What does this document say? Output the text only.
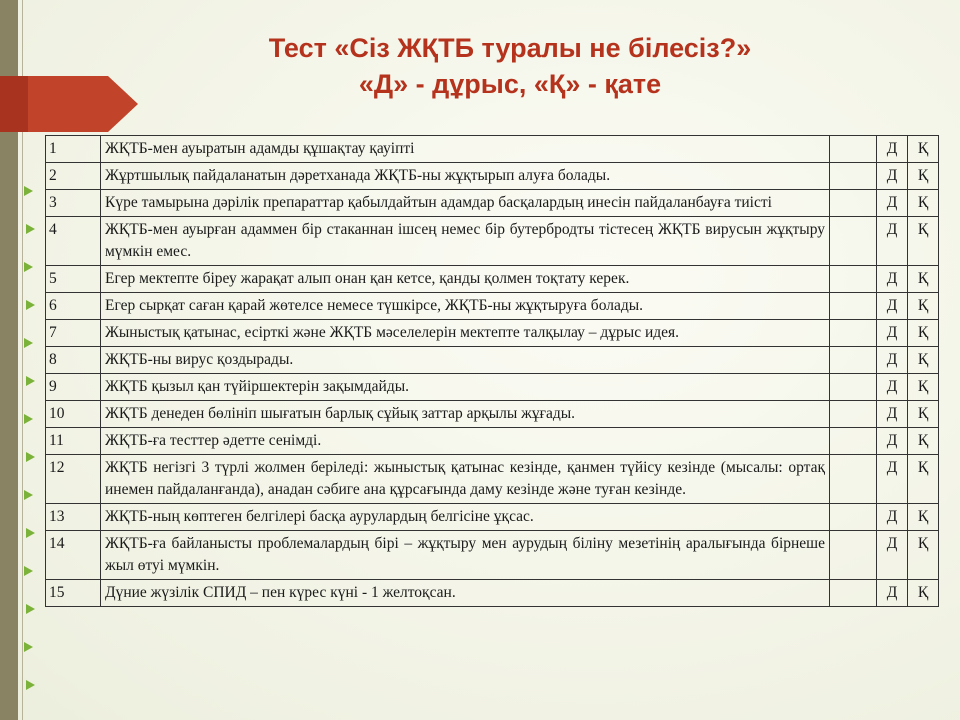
Тест «Сіз ЖҚТБ туралы не білесіз?»
«Д» - дұрыс, «Қ» - қате
1	ЖҚТБ-мен ауыратын адамды құшақтау қауіпті		Д	Қ
2	Жұртшылық пайдаланатын дәретханада ЖҚТБ-ны жұқтырып алуға болады.		Д	Қ
3	Күре тамырына дәрілік препараттар қабылдайтын адамдар басқалардың инесін пайдаланбауға тиісті		Д	Қ
4	ЖҚТБ-мен ауырған адаммен бір стаканнан ішсең немес бір бутербродты тістесең ЖҚТБ вирусын жұқтыру мүмкін емес.		Д	Қ
5	Егер мектепте біреу жарақат алып онан қан кетсе, қанды қолмен тоқтату керек.		Д	Қ
6	Егер сырқат саған қарай жөтелсе немесе түшкірсе, ЖҚТБ-ны жұқтыруға болады.		Д	Қ
7	Жыныстық қатынас, есірткі және ЖҚТБ мәселелерін мектепте талқылау – дұрыс идея.		Д	Қ
8	ЖҚТБ-ны вирус қоздырады.		Д	Қ
9	ЖҚТБ қызыл қан түйіршектерін зақымдайды.		Д	Қ
10	ЖҚТБ денеден бөлініп шығатын барлық сұйық заттар арқылы жұғады.		Д	Қ
11	ЖҚТБ-ға тесттер әдетте сенімді.		Д	Қ
12	ЖҚТБ негізгі 3 түрлі жолмен беріледі: жыныстық қатынас кезінде, қанмен түйісу кезінде (мысалы: ортақ инемен пайдаланғанда), анадан сәбиге ана құрсағында даму кезінде және туған кезінде.		Д	Қ
13	ЖҚТБ-ның көптеген белгілері басқа аурулардың белгісіне ұқсас.		Д	Қ
14	ЖҚТБ-ға байланысты проблемалардың бірі – жұқтыру мен аурудың біліну мезетінің аралығында бірнеше жыл өтуі мүмкін.		Д	Қ
15	Дүние жүзілік СПИД – пен күрес күні - 1 желтоқсан.		Д	Қ
